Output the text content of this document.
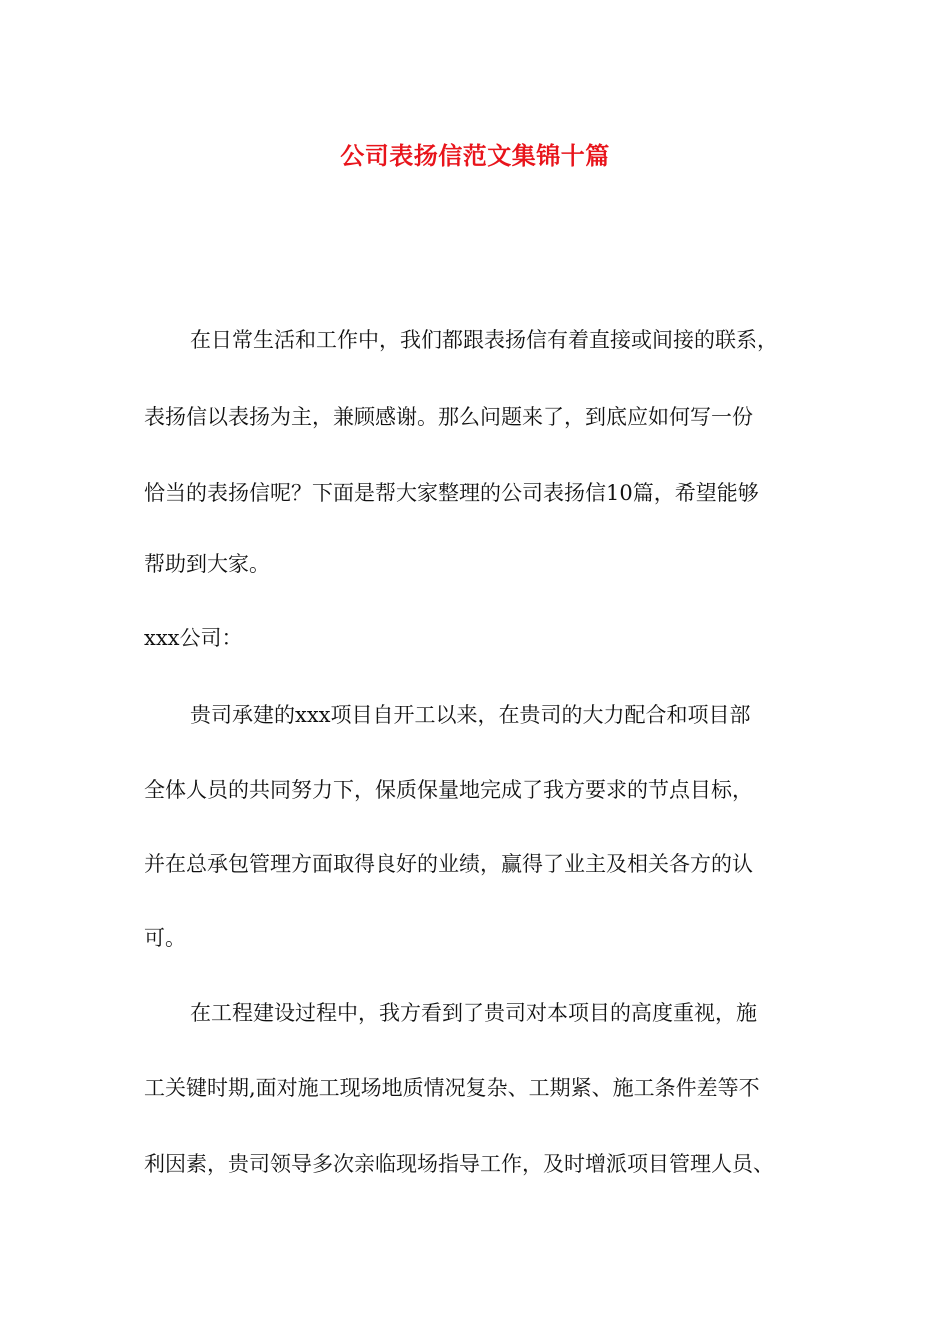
公司表扬信范文集锦十篇
在日常生活和工作中，我们都跟表扬信有着直接或间接的联系，
表扬信以表扬为主，兼顾感谢。那么问题来了，到底应如何写一份
恰当的表扬信呢？下面是帮大家整理的公司表扬信10篇，希望能够
帮助到大家。
xxx公司：
贵司承建的xxx项目自开工以来，在贵司的大力配合和项目部
全体人员的共同努力下，保质保量地完成了我方要求的节点目标，
并在总承包管理方面取得良好的业绩，赢得了业主及相关各方的认
可。
在工程建设过程中，我方看到了贵司对本项目的高度重视，施
工关键时期,面对施工现场地质情况复杂、工期紧、施工条件差等不
利因素，贵司领导多次亲临现场指导工作，及时增派项目管理人员、
